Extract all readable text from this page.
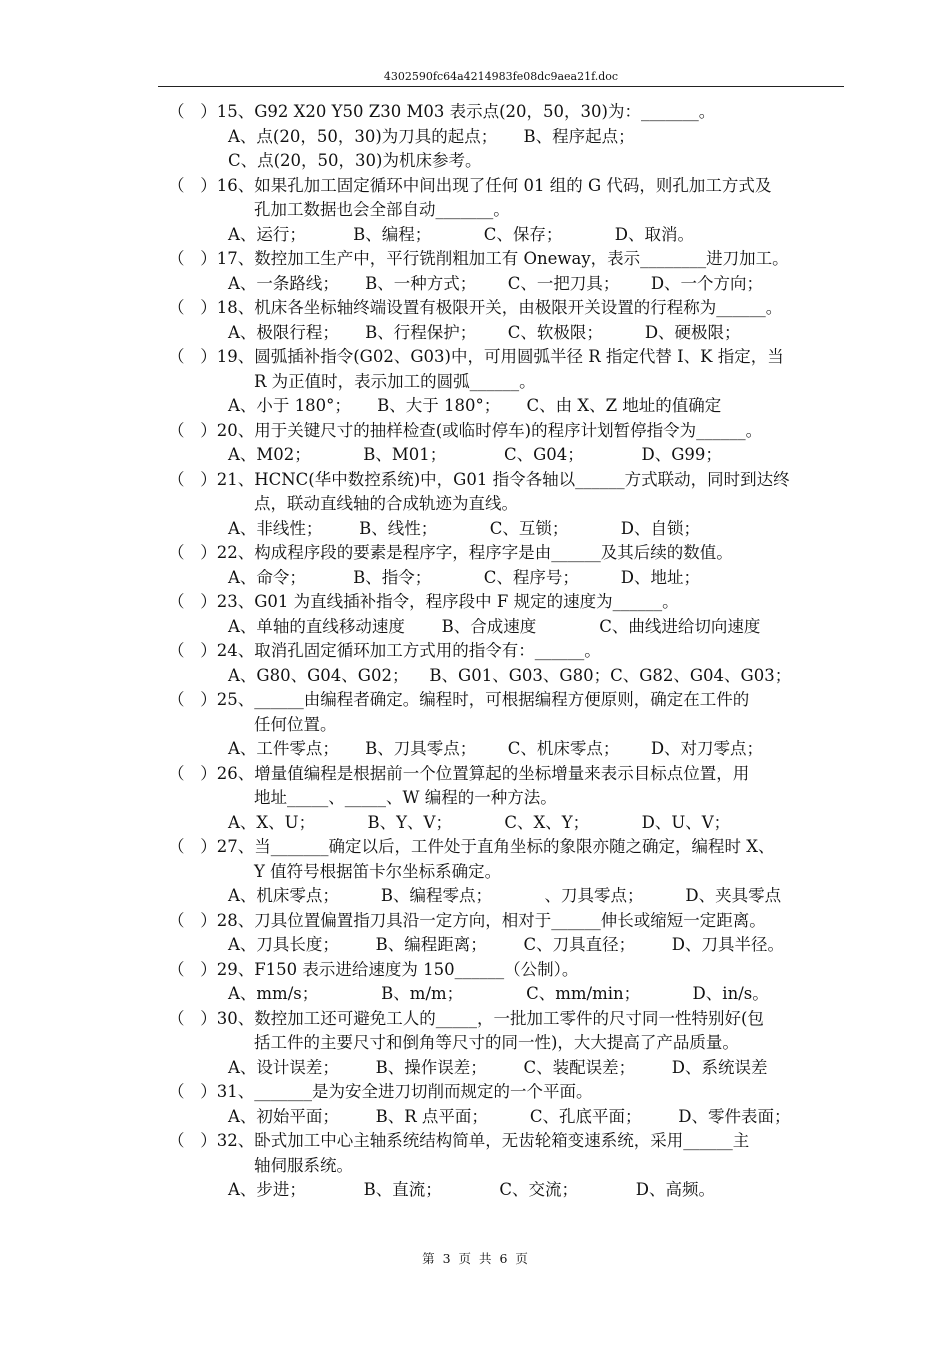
4302590fc64a4214983fe08dc9aea21f.doc
（   ）15、G92 X20 Y50 Z30 M03 表示点(20，50，30)为：_______。
A、点(20，50，30)为刀具的起点；     B、程序起点；
C、点(20，50，30)为机床参考。
（   ）16、如果孔加工固定循环中间出现了任何 01 组的 G 代码，则孔加工方式及
孔加工数据也会全部自动_______。
A、运行；         B、编程；          C、保存；          D、取消。
（   ）17、数控加工生产中，平行铣削粗加工有 Oneway，表示________进刀加工。
A、一条路线；     B、一种方式；      C、一把刀具；      D、一个方向；
（   ）18、机床各坐标轴终端设置有极限开关，由极限开关设置的行程称为______。
A、极限行程；     B、行程保护；      C、软极限；        D、硬极限；
（   ）19、圆弧插补指令(G02、G03)中，可用圆弧半径 R 指定代替 I、K 指定，当
R 为正值时，表示加工的圆弧______。
A、小于 180°；     B、大于 180°；     C、由 X、Z 地址的值确定
（   ）20、用于关键尺寸的抽样检查(或临时停车)的程序计划暂停指令为______。
A、M02；          B、M01；           C、G04；           D、G99；
（   ）21、HCNC(华中数控系统)中，G01 指令各轴以______方式联动，同时到达终
点，联动直线轴的合成轨迹为直线。
A、非线性；       B、线性；          C、互锁；          D、自锁；
（   ）22、构成程序段的要素是程序字，程序字是由______及其后续的数值。
A、命令；         B、指令；          C、程序号；        D、地址；
（   ）23、G01 为直线插补指令，程序段中 F 规定的速度为______。
A、单轴的直线移动速度       B、合成速度            C、曲线进给切向速度
（   ）24、取消孔固定循环加工方式用的指令有：______。
A、G80、G04、G02；    B、G01、G03、G80；C、G82、G04、G03；
（   ）25、______由编程者确定。编程时，可根据编程方便原则，确定在工件的
任何位置。
A、工件零点；     B、刀具零点；      C、机床零点；      D、对刀零点；
（   ）26、增量值编程是根据前一个位置算起的坐标增量来表示目标点位置，用
地址_____、_____、W 编程的一种方法。
A、X、U；          B、Y、V；          C、X、Y；          D、U、V；
（   ）27、当_______确定以后，工件处于直角坐标的象限亦随之确定，编程时 X、
Y 值符号根据笛卡尔坐标系确定。
A、机床零点；        B、编程零点；          、刀具零点；        D、夹具零点
（   ）28、刀具位置偏置指刀具沿一定方向，相对于______伸长或缩短一定距离。
A、刀具长度；       B、编程距离；       C、刀具直径；       D、刀具半径。
（   ）29、F150 表示进给速度为 150______（公制）。
A、mm/s；            B、m/m；            C、mm/min；          D、in/s。
（   ）30、数控加工还可避免工人的_____，一批加工零件的尺寸同一性特别好(包
括工件的主要尺寸和倒角等尺寸的同一性)，大大提高了产品质量。
A、设计误差；       B、操作误差；       C、装配误差；       D、系统误差
（   ）31、_______是为安全进刀切削而规定的一个平面。
A、初始平面；       B、R 点平面；        C、孔底平面；       D、零件表面；
（   ）32、卧式加工中心主轴系统结构简单，无齿轮箱变速系统，采用______主
轴伺服系统。
A、步进；           B、直流；           C、交流；           D、高频。
第 3 页 共 6 页
